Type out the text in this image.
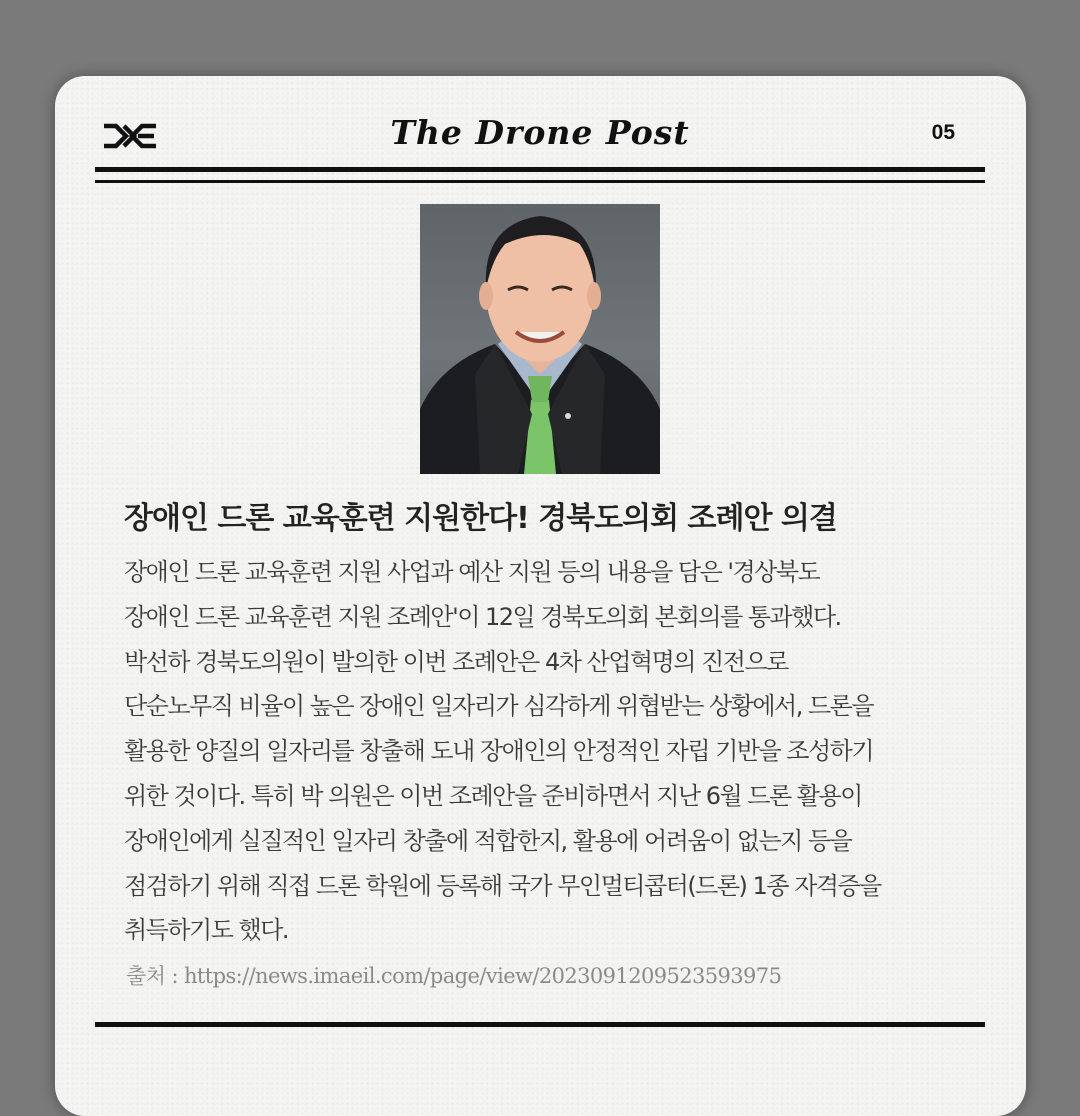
The Drone Post	05
장애인 드론 교육훈련 지원한다! 경북도의회 조례안 의결
장애인 드론 교육훈련 지원 사업과 예산 지원 등의 내용을 담은 '경상북도
장애인 드론 교육훈련 지원 조례안'이 12일 경북도의회 본회의를 통과했다.
박선하 경북도의원이 발의한 이번 조례안은 4차 산업혁명의 진전으로
단순노무직 비율이 높은 장애인 일자리가 심각하게 위협받는 상황에서, 드론을
활용한 양질의 일자리를 창출해 도내 장애인의 안정적인 자립 기반을 조성하기
위한 것이다. 특히 박 의원은 이번 조례안을 준비하면서 지난 6월 드론 활용이
장애인에게 실질적인 일자리 창출에 적합한지, 활용에 어려움이 없는지 등을
점검하기 위해 직접 드론 학원에 등록해 국가 무인멀티콥터(드론) 1종 자격증을
취득하기도 했다.
출처 : https://news.imaeil.com/page/view/2023091209523593975
